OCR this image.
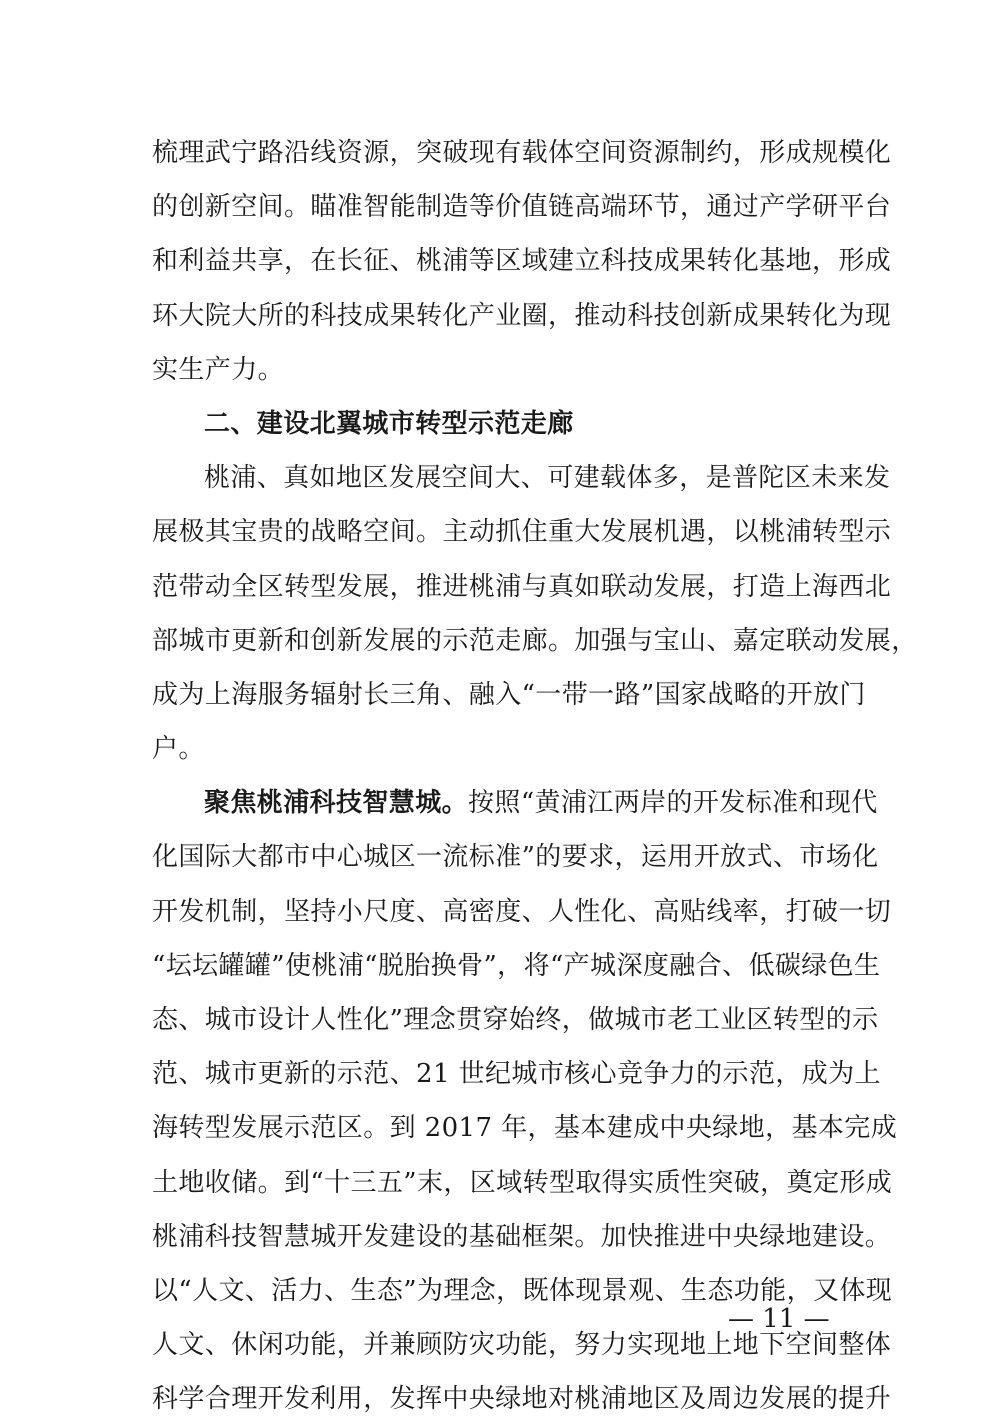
梳理武宁路沿线资源，突破现有载体空间资源制约，形成规模化
的创新空间。瞄准智能制造等价值链高端环节，通过产学研平台
和利益共享，在长征、桃浦等区域建立科技成果转化基地，形成
环大院大所的科技成果转化产业圈，推动科技创新成果转化为现
实生产力。
二、建设北翼城市转型示范走廊
桃浦、真如地区发展空间大、可建载体多，是普陀区未来发
展极其宝贵的战略空间。主动抓住重大发展机遇，以桃浦转型示
范带动全区转型发展，推进桃浦与真如联动发展，打造上海西北
部城市更新和创新发展的示范走廊。加强与宝山、嘉定联动发展，
成为上海服务辐射长三角、融入“一带一路”国家战略的开放门
户。
聚焦桃浦科技智慧城。按照“黄浦江两岸的开发标准和现代
化国际大都市中心城区一流标准”的要求，运用开放式、市场化
开发机制，坚持小尺度、高密度、人性化、高贴线率，打破一切
“坛坛罐罐”使桃浦“脱胎换骨”，将“产城深度融合、低碳绿色生
态、城市设计人性化”理念贯穿始终，做城市老工业区转型的示
范、城市更新的示范、21 世纪城市核心竞争力的示范，成为上
海转型发展示范区。到 2017 年，基本建成中央绿地，基本完成
土地收储。到“十三五”末，区域转型取得实质性突破，奠定形成
桃浦科技智慧城开发建设的基础框架。加快推进中央绿地建设。
以“人文、活力、生态”为理念，既体现景观、生态功能，又体现
人文、休闲功能，并兼顾防灾功能，努力实现地上地下空间整体
科学合理开发利用，发挥中央绿地对桃浦地区及周边发展的提升
— 11 —
